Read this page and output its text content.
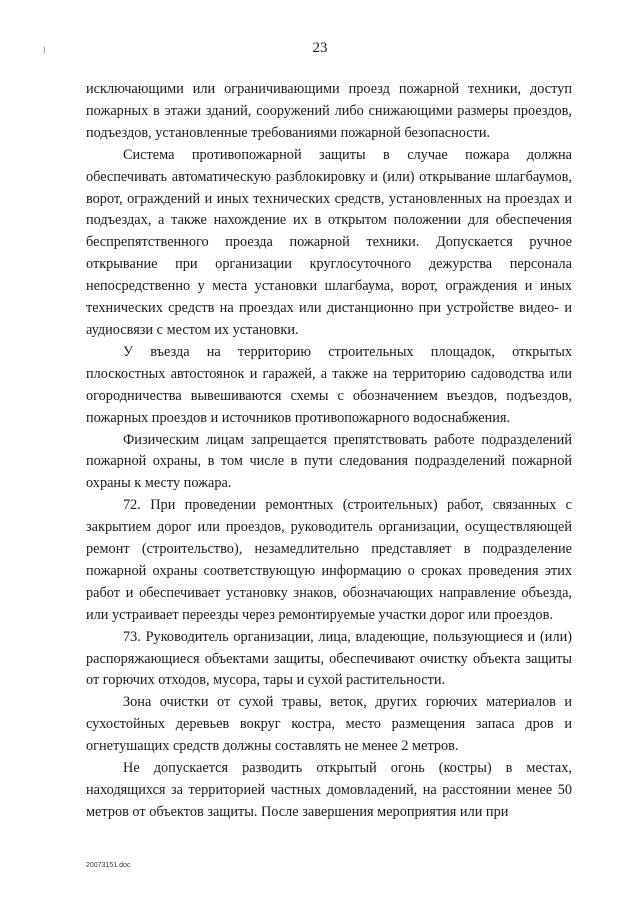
23

исключающими или ограничивающими проезд пожарной техники, доступ пожарных в этажи зданий, сооружений либо снижающими размеры проездов, подъездов, установленные требованиями пожарной безопасности.

Система противопожарной защиты в случае пожара должна обеспечивать автоматическую разблокировку и (или) открывание шлагбаумов, ворот, ограждений и иных технических средств, установленных на проездах и подъездах, а также нахождение их в открытом положении для обеспечения беспрепятственного проезда пожарной техники. Допускается ручное открывание при организации круглосуточного дежурства персонала непосредственно у места установки шлагбаума, ворот, ограждения и иных технических средств на проездах или дистанционно при устройстве видео- и аудиосвязи с местом их установки.

У въезда на территорию строительных площадок, открытых плоскостных автостоянок и гаражей, а также на территорию садоводства или огородничества вывешиваются схемы с обозначением въездов, подъездов, пожарных проездов и источников противопожарного водоснабжения.

Физическим лицам запрещается препятствовать работе подразделений пожарной охраны, в том числе в пути следования подразделений пожарной охраны к месту пожара.

72. При проведении ремонтных (строительных) работ, связанных с закрытием дорог или проездов, руководитель организации, осуществляющей ремонт (строительство), незамедлительно представляет в подразделение пожарной охраны соответствующую информацию о сроках проведения этих работ и обеспечивает установку знаков, обозначающих направление объезда, или устраивает переезды через ремонтируемые участки дорог или проездов.

73. Руководитель организации, лица, владеющие, пользующиеся и (или) распоряжающиеся объектами защиты, обеспечивают очистку объекта защиты от горючих отходов, мусора, тары и сухой растительности.

Зона очистки от сухой травы, веток, других горючих материалов и сухостойных деревьев вокруг костра, место размещения запаса дров и огнетушащих средств должны составлять не менее 2 метров.

Не допускается разводить открытый огонь (костры) в местах, находящихся за территорией частных домовладений, на расстоянии менее 50 метров от объектов защиты. После завершения мероприятия или при

20073151.doc
